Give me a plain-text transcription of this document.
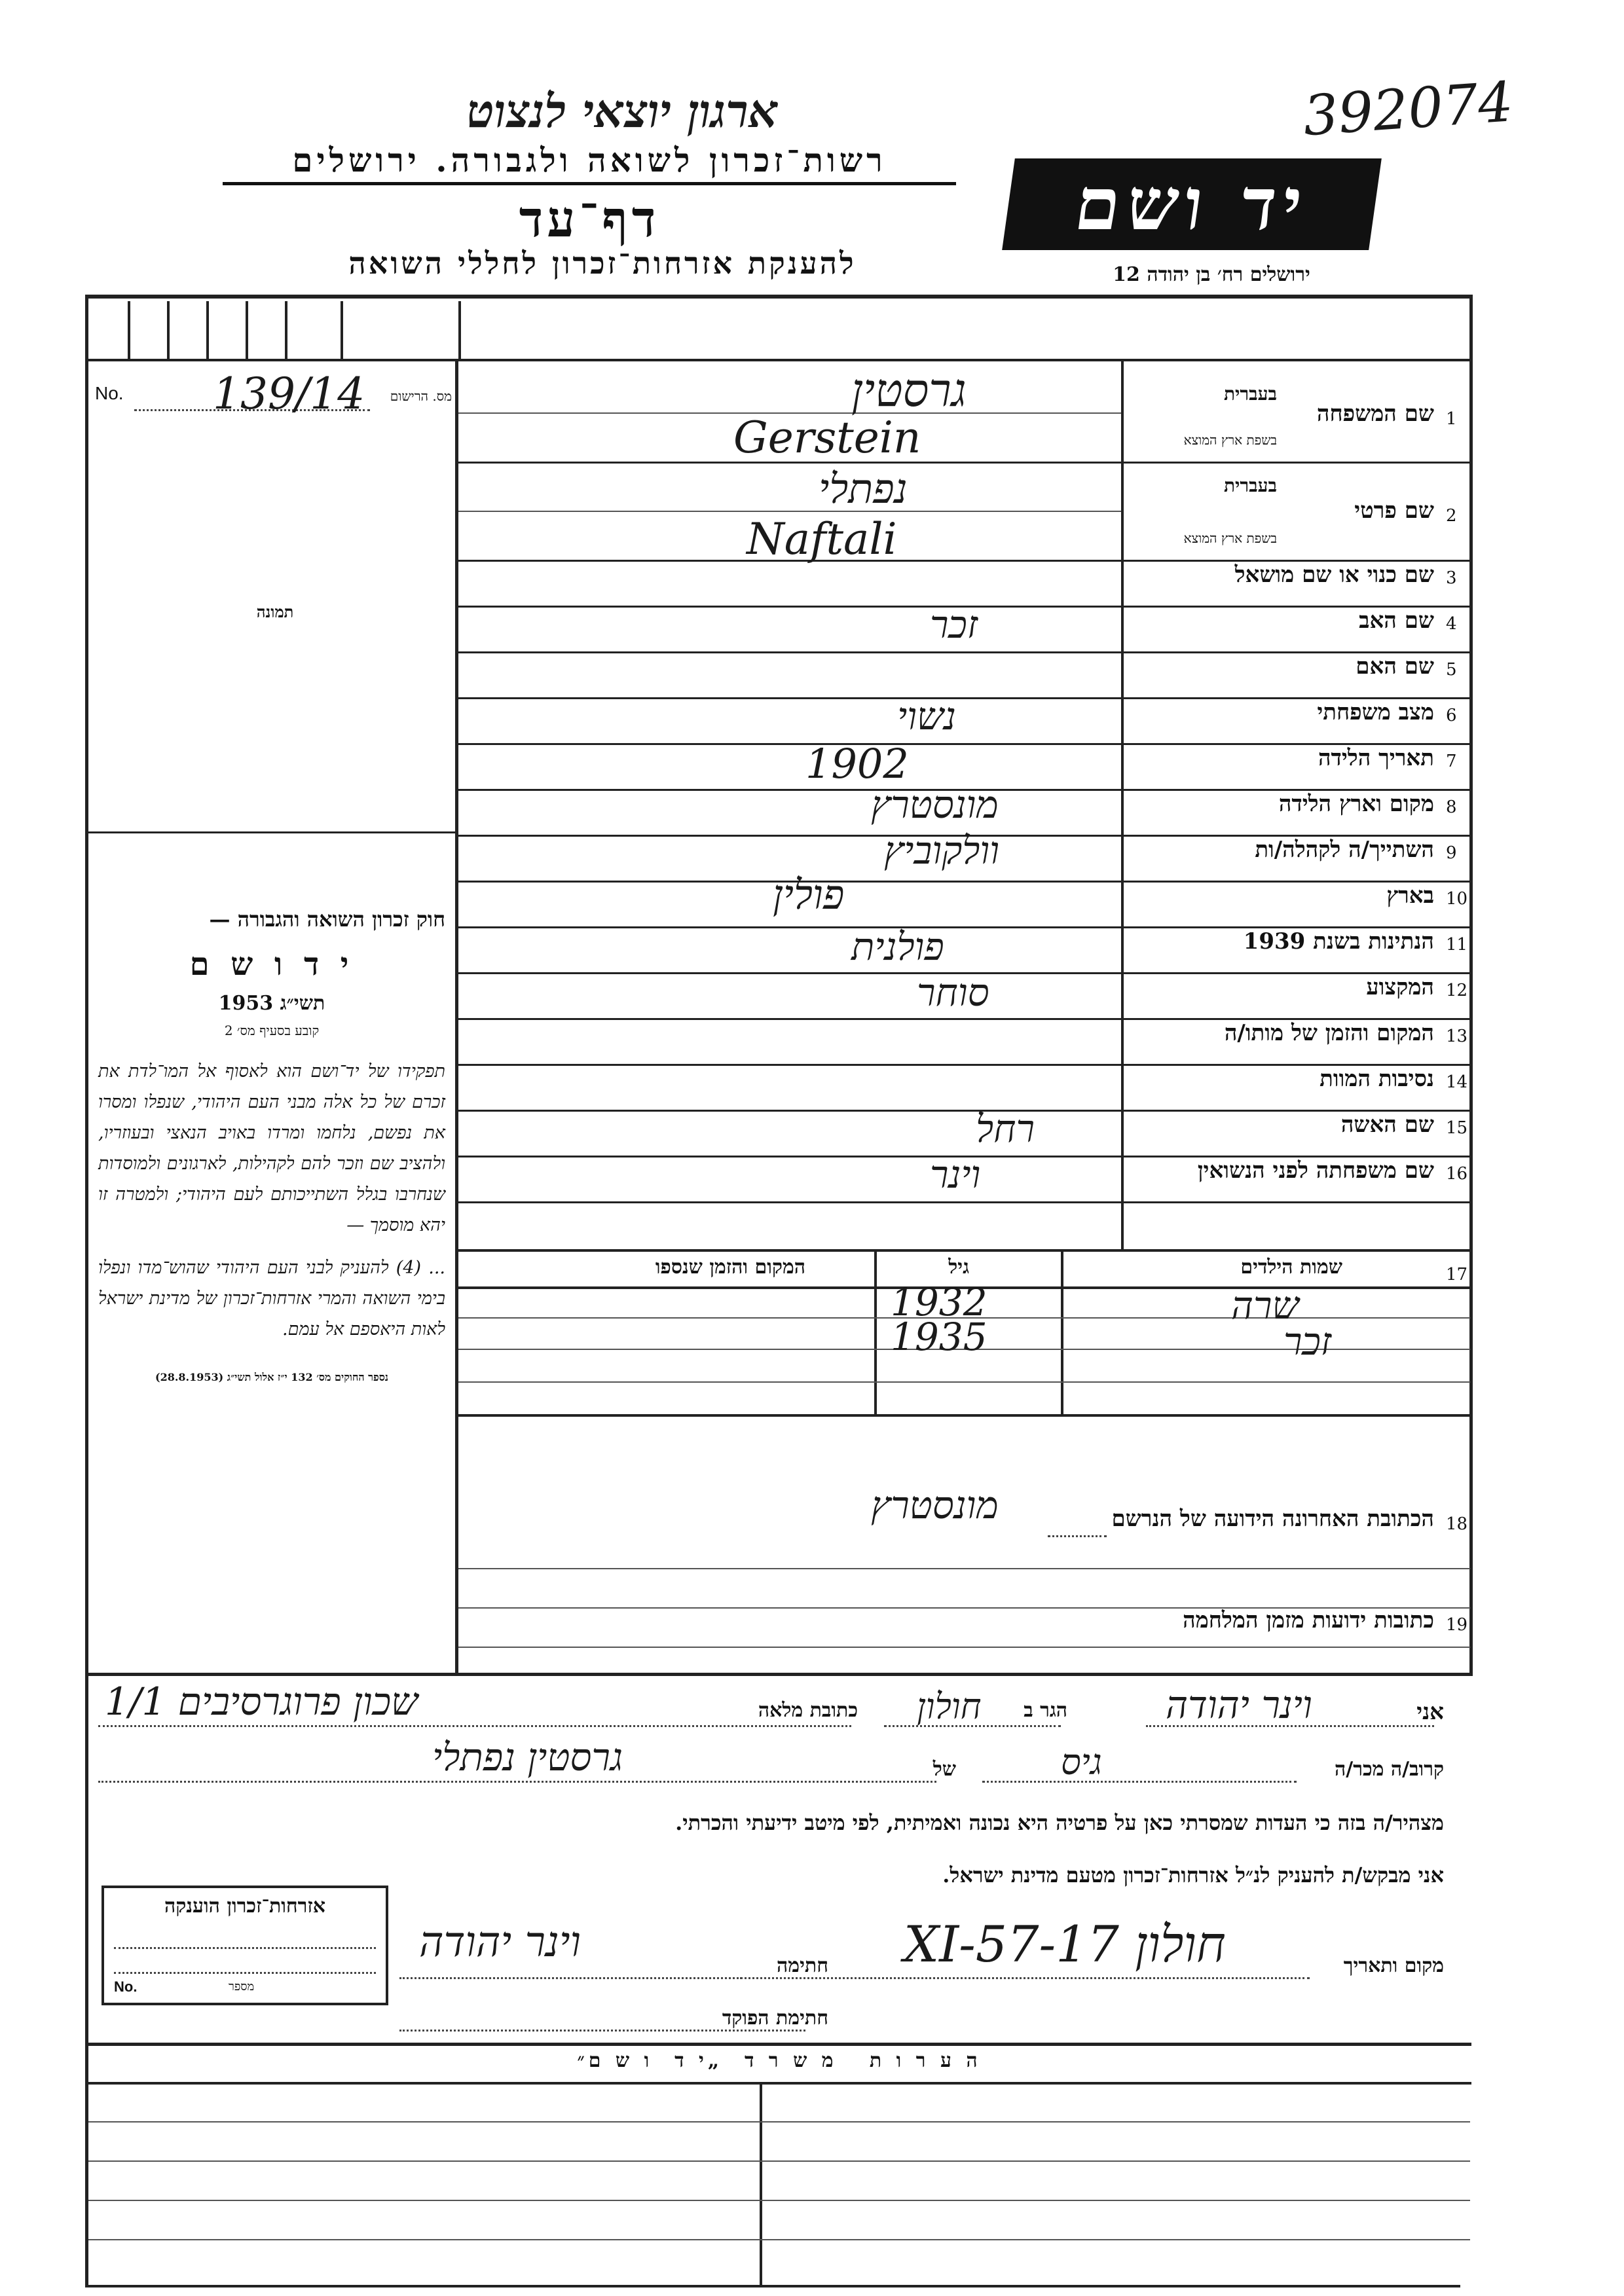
ארגון יוצאי לנצוט
רשות־זכרון לשואה ולגבורה. ירושלים
דף־עד
להענקת אזרחות־זכרון לחללי השואה
יד ושם
ירושלים רח׳ בן יהודה 12
392074
No. 139/14 מס. הרישום
תמונה
חוק זכרון השואה והגבורה —
י ד ו ש ם
תשי״ג 1953
קובע בסעיף מס׳ 2
תפקידו של יד־ושם הוא לאסוף אל המו־לדת את זכרם של כל אלה מבני העם היהודי, שנפלו ומסרו את נפשם, נלחמו ומרדו באויב הנאצי ובעוזריו, ולהציב שם וזכר להם לקהילות, לארגונים ולמוסדות שנחרבו בגלל השתייכותם לעם היהודי; ולמטרה זו יהא מוסמך —
... (4) להעניק לבני העם היהודי שהוש־מדו ונפלו בימי השואה והמרי אזרחות־זכרון של מדינת ישראל לאות היאספם אל עמם.
נספר החוקים מס׳ 132 י״ז אלול תשי״ג (28.8.1953)
1
שם המשפחה
בעברית
בשפת ארץ המוצא
גרסטין
Gerstein
2
שם פרטי
בעברית
בשפת ארץ המוצא
נפתלי
Naftali
3
שם כנוי או שם מושאל
4
שם האב
זכר
5
שם האם
6
מצב משפחתי
נשוי
7
תאריך הלידה
1902
8
מקום וארץ הלידה
מונסטרץ
9
השתייך/ה לקהלה/ות
וולקוביץ
10
בארץ
פולין
11
הנתינות בשנת 1939
פולנית
12
המקצוע
סוחר
13
המקום והזמן של מותו/ה
14
נסיבות המוות
15
שם האשה
רחל
16
שם משפחתה לפני הנשואין
וינר
17
שמות הילדים
גיל
המקום והזמן שנספו
שרה
1932
זכר
1935
18
הכתובת האחרונה הידועה של הנרשם
מונסטרץ
19
כתובות ידועות מזמן המלחמה
אני
וינר יהודה
הגר ב
חולון
כתובת מלאה
שכון פרוגרסיבים 1/1
קרוב/ה מכר/ה
גיס
של
גרסטין נפתלי
מצהיר/ה בזה כי העדות שמסרתי כאן על פרטיה היא נכונה ואמיתית, לפי מיטב ידיעתי והכרתי.
אני מבקש/ת להעניק לנ״ל אזרחות־זכרון מטעם מדינת ישראל.
אזרחות־זכרון הוענקה
No.	מספר
מקום ותאריך
חולון 17-XI-57
חתימה
וינר יהודה
חתימת הפוקד
ה ע ר ו ת   מ ש ר ד  „י ד  ו ש ם״
